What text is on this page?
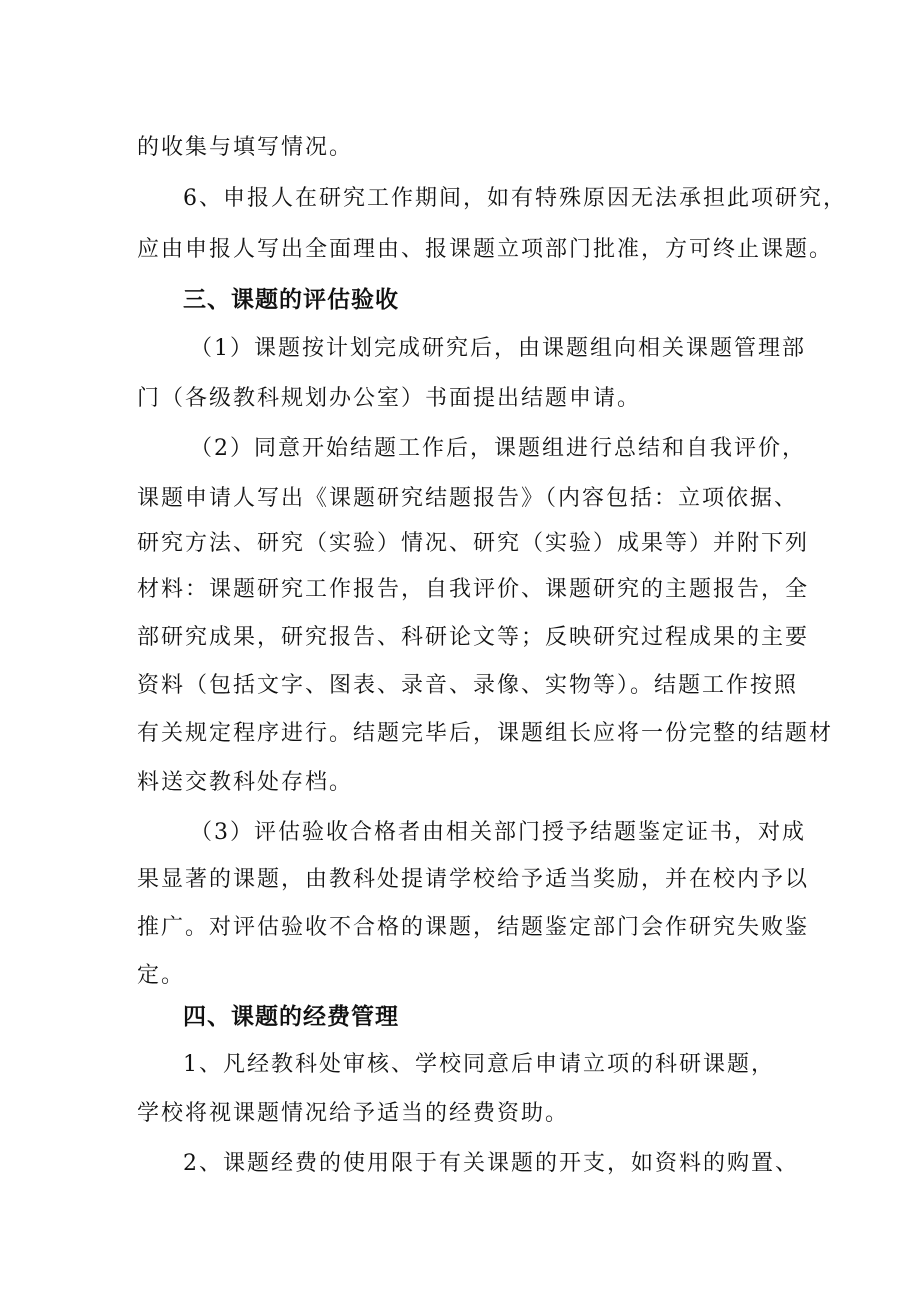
的收集与填写情况。
6、申报人在研究工作期间，如有特殊原因无法承担此项研究，
应由申报人写出全面理由、报课题立项部门批准，方可终止课题。
三、课题的评估验收
（1）课题按计划完成研究后，由课题组向相关课题管理部
门（各级教科规划办公室）书面提出结题申请。
（2）同意开始结题工作后，课题组进行总结和自我评价，
课题申请人写出《课题研究结题报告》（内容包括：立项依据、
研究方法、研究（实验）情况、研究（实验）成果等）并附下列
材料：课题研究工作报告，自我评价、课题研究的主题报告，全
部研究成果，研究报告、科研论文等；反映研究过程成果的主要
资料（包括文字、图表、录音、录像、实物等）。结题工作按照
有关规定程序进行。结题完毕后，课题组长应将一份完整的结题材
料送交教科处存档。
（3）评估验收合格者由相关部门授予结题鉴定证书，对成
果显著的课题，由教科处提请学校给予适当奖励，并在校内予以
推广。对评估验收不合格的课题，结题鉴定部门会作研究失败鉴
定。
四、课题的经费管理
1、凡经教科处审核、学校同意后申请立项的科研课题，
学校将视课题情况给予适当的经费资助。
2、课题经费的使用限于有关课题的开支，如资料的购置、
